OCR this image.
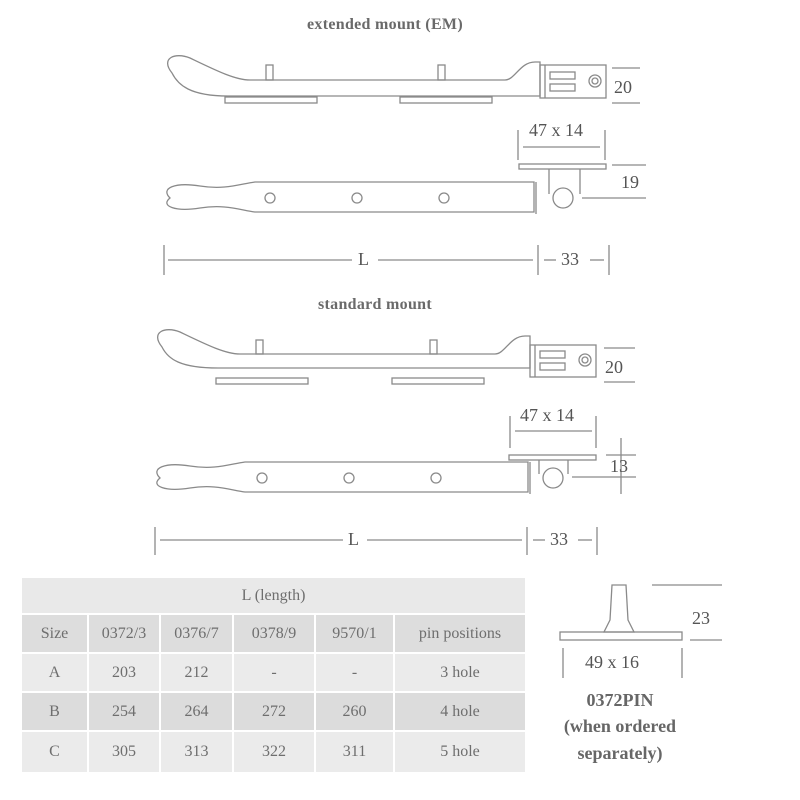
extended mount (EM)
standard mount
20
47 x 14
19
L	33
20
47 x 14
13
L	33
L (length)					
Size	0372/3	0376/7	0378/9	9570/1	pin positions
A	203	212	-	-	3 hole
B	254	264	272	260	4 hole
C	305	313	322	311	5 hole
23
49 x 16
0372PIN
(when ordered
separately)
